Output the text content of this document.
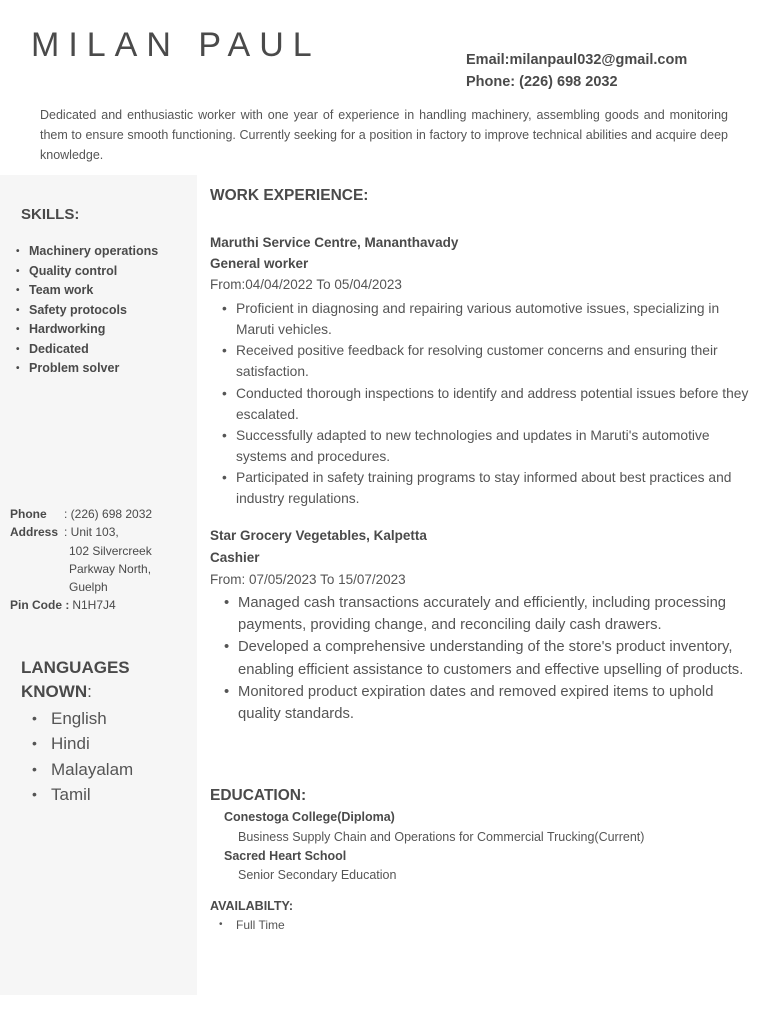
MILAN PAUL	Email:milanpaul032@gmail.com
Phone: (226) 698 2032

Dedicated and enthusiastic worker with one year of experience in handling machinery, assembling goods and monitoring them to ensure smooth functioning. Currently seeking for a position in factory to improve technical abilities and acquire deep knowledge.

SKILLS:
• Machinery operations
• Quality control
• Team work
• Safety protocols
• Hardworking
• Dedicated
• Problem solver
Phone	: (226) 698 2032
Address : Unit 103,
102 Silvercreek
Parkway North,
Guelph
Pin Code : N1H7J4
LANGUAGES KNOWN:
• English
• Hindi
• Malayalam
• Tamil
WORK EXPERIENCE:
Maruthi Service Centre, Mananthavady
General worker
From:04/04/2022 To 05/04/2023
• Proficient in diagnosing and repairing various automotive issues, specializing in Maruti vehicles.
• Received positive feedback for resolving customer concerns and ensuring their satisfaction.
• Conducted thorough inspections to identify and address potential issues before they escalated.
• Successfully adapted to new technologies and updates in Maruti's automotive systems and procedures.
• Participated in safety training programs to stay informed about best practices and industry regulations.
Star Grocery Vegetables, Kalpetta
Cashier
From: 07/05/2023 To 15/07/2023
• Managed cash transactions accurately and efficiently, including processing payments, providing change, and reconciling daily cash drawers.
• Developed a comprehensive understanding of the store's product inventory, enabling efficient assistance to customers and effective upselling of products.
• Monitored product expiration dates and removed expired items to uphold quality standards.
EDUCATION:
Conestoga College(Diploma)
Business Supply Chain and Operations for Commercial Trucking(Current)
Sacred Heart School
Senior Secondary Education
AVAILABILTY:
• Full Time
